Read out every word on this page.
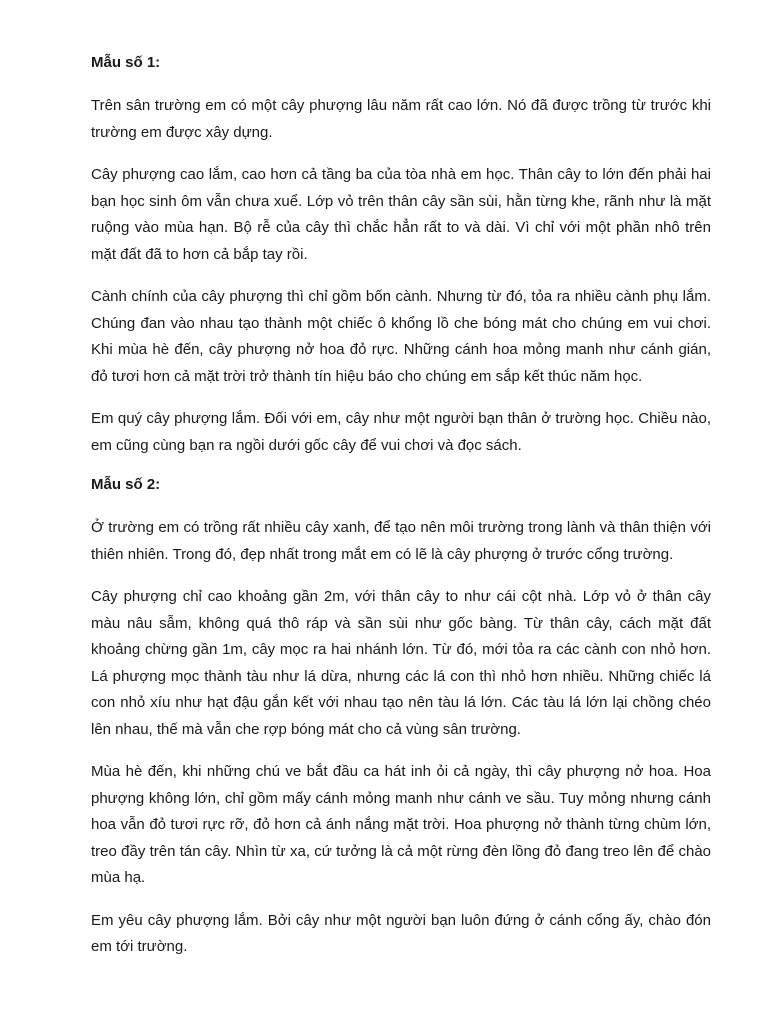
Mẫu số 1:

Trên sân trường em có một cây phượng lâu năm rất cao lớn. Nó đã được trồng từ trước khi trường em được xây dựng.

Cây phượng cao lắm, cao hơn cả tầng ba của tòa nhà em học. Thân cây to lớn đến phải hai bạn học sinh ôm vẫn chưa xuể. Lớp vỏ trên thân cây sần sùi, hằn từng khe, rãnh như là mặt ruộng vào mùa hạn. Bộ rễ của cây thì chắc hẳn rất to và dài. Vì chỉ với một phần nhô trên mặt đất đã to hơn cả bắp tay rồi.

Cành chính của cây phượng thì chỉ gồm bốn cành. Nhưng từ đó, tỏa ra nhiều cành phụ lắm. Chúng đan vào nhau tạo thành một chiếc ô khổng lồ che bóng mát cho chúng em vui chơi. Khi mùa hè đến, cây phượng nở hoa đỏ rực. Những cánh hoa mỏng manh như cánh gián, đỏ tươi hơn cả mặt trời trở thành tín hiệu báo cho chúng em sắp kết thúc năm học.

Em quý cây phượng lắm. Đối với em, cây như một người bạn thân ở trường học. Chiều nào, em cũng cùng bạn ra ngồi dưới gốc cây để vui chơi và đọc sách.

Mẫu số 2:

Ở trường em có trồng rất nhiều cây xanh, để tạo nên môi trường trong lành và thân thiện với thiên nhiên. Trong đó, đẹp nhất trong mắt em có lẽ là cây phượng ở trước cổng trường.

Cây phượng chỉ cao khoảng gần 2m, với thân cây to như cái cột nhà. Lớp vỏ ở thân cây màu nâu sẫm, không quá thô ráp và sần sùi như gốc bàng. Từ thân cây, cách mặt đất khoảng chừng gần 1m, cây mọc ra hai nhánh lớn. Từ đó, mới tỏa ra các cành con nhỏ hơn. Lá phượng mọc thành tàu như lá dừa, nhưng các lá con thì nhỏ hơn nhiều. Những chiếc lá con nhỏ xíu như hạt đậu gắn kết với nhau tạo nên tàu lá lớn. Các tàu lá lớn lại chồng chéo lên nhau, thế mà vẫn che rợp bóng mát cho cả vùng sân trường.

Mùa hè đến, khi những chú ve bắt đầu ca hát inh ỏi cả ngày, thì cây phượng nở hoa. Hoa phượng không lớn, chỉ gồm mấy cánh mỏng manh như cánh ve sầu. Tuy mỏng nhưng cánh hoa vẫn đỏ tươi rực rỡ, đỏ hơn cả ánh nắng mặt trời. Hoa phượng nở thành từng chùm lớn, treo đầy trên tán cây. Nhìn từ xa, cứ tưởng là cả một rừng đèn lồng đỏ đang treo lên để chào mùa hạ.

Em yêu cây phượng lắm. Bởi cây như một người bạn luôn đứng ở cánh cổng ấy, chào đón em tới trường.
